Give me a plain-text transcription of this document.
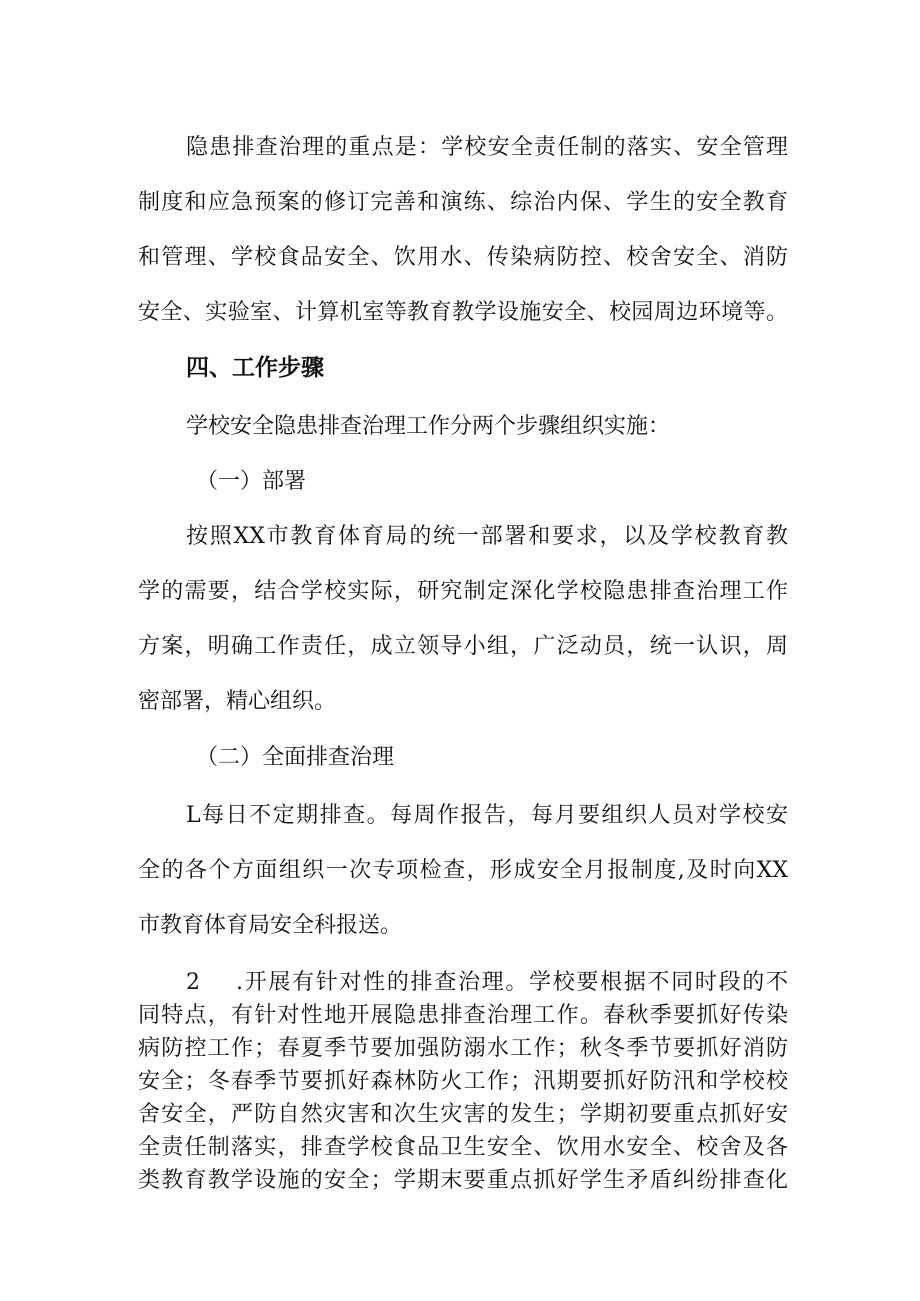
隐患排查治理的重点是：学校安全责任制的落实、安全管理
制度和应急预案的修订完善和演练、综治内保、学生的安全教育
和管理、学校食品安全、饮用水、传染病防控、校舍安全、消防
安全、实验室、计算机室等教育教学设施安全、校园周边环境等。
四、工作步骤
学校安全隐患排查治理工作分两个步骤组织实施：
（一）部署
按照XX市教育体育局的统一部署和要求，以及学校教育教
学的需要，结合学校实际，研究制定深化学校隐患排查治理工作
方案，明确工作责任，成立领导小组，广泛动员，统一认识，周
密部署，精心组织。
（二）全面排查治理
L每日不定期排查。每周作报告，每月要组织人员对学校安
全的各个方面组织一次专项检查，形成安全月报制度,及时向XX
市教育体育局安全科报送。
2 .开展有针对性的排查治理。学校要根据不同时段的不
同特点，有针对性地开展隐患排查治理工作。春秋季要抓好传染
病防控工作；春夏季节要加强防溺水工作；秋冬季节要抓好消防
安全；冬春季节要抓好森林防火工作；汛期要抓好防汛和学校校
舍安全，严防自然灾害和次生灾害的发生；学期初要重点抓好安
全责任制落实，排查学校食品卫生安全、饮用水安全、校舍及各
类教育教学设施的安全；学期末要重点抓好学生矛盾纠纷排查化
